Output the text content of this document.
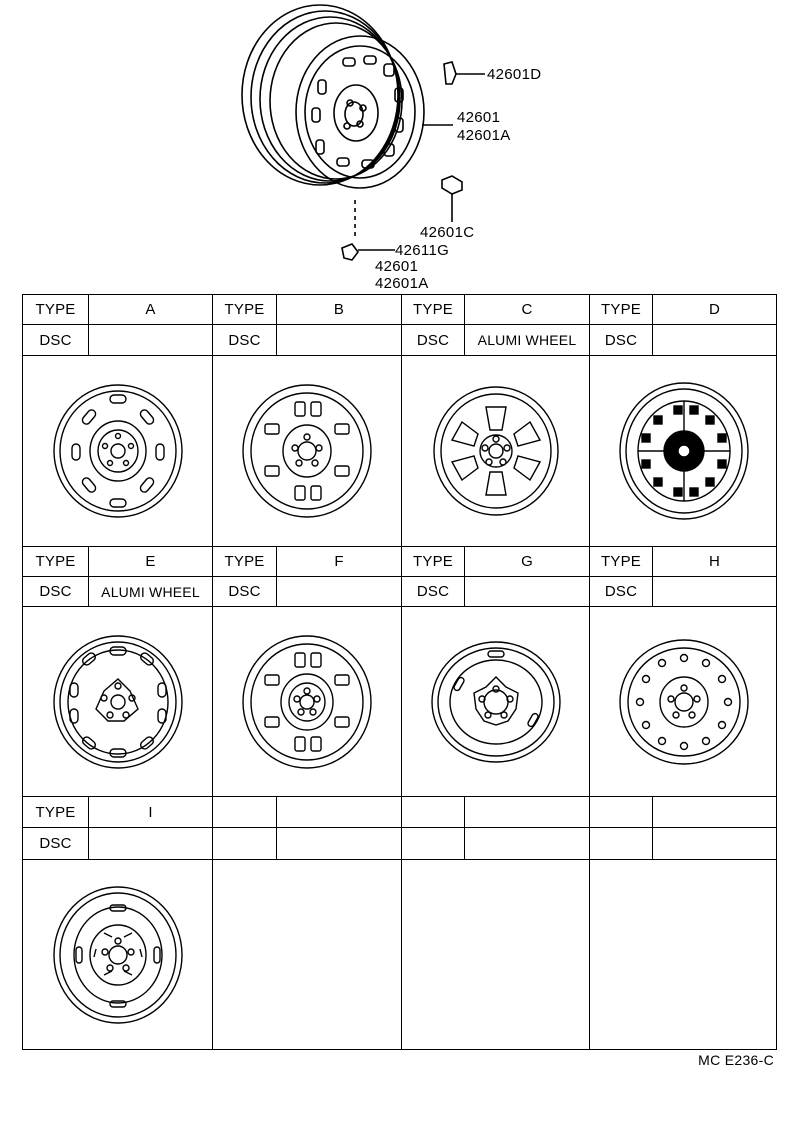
42601D
42601
42601A
42601C
42611G
42601
42601A
TYPE	A
DSC
TYPE	B
DSC
TYPE	C
DSC	ALUMI WHEEL
TYPE	D
DSC
TYPE	E
DSC	ALUMI WHEEL
TYPE	F
DSC
TYPE	G
DSC
TYPE	H
DSC
TYPE	I
DSC
MC E236-C
